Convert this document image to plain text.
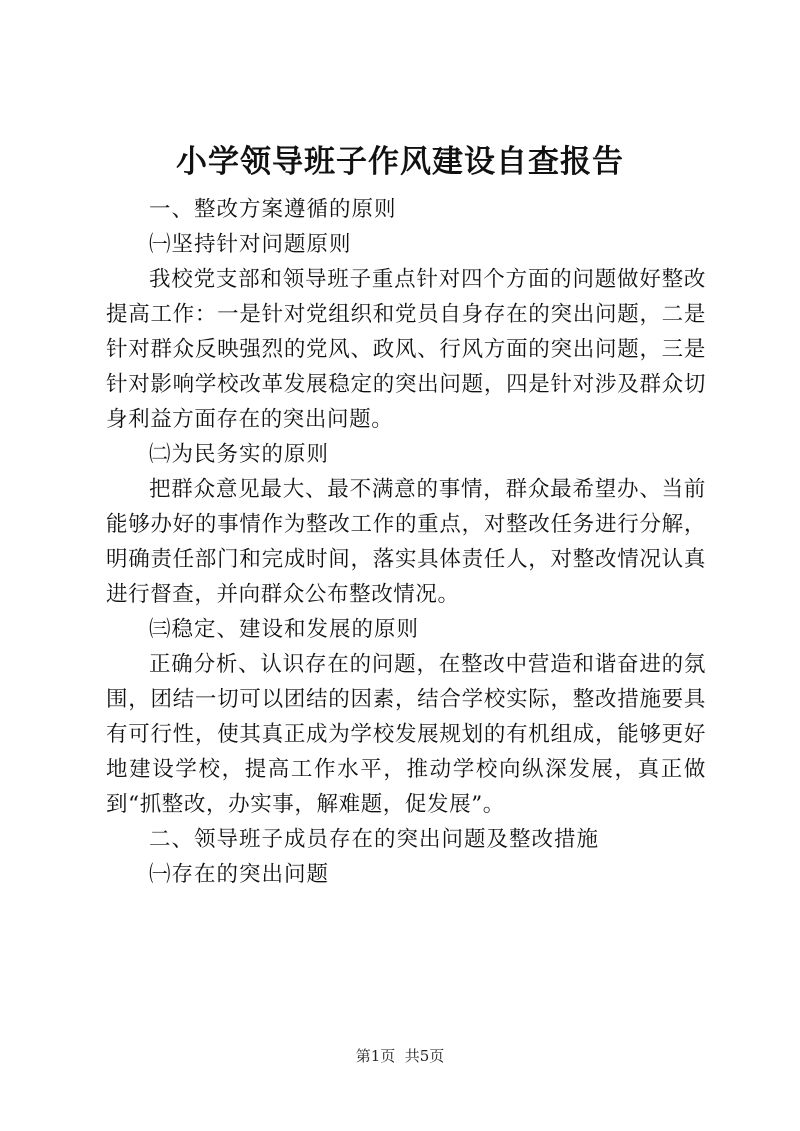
小学领导班子作风建设自查报告

一、整改方案遵循的原则

㈠坚持针对问题原则

我校党支部和领导班子重点针对四个方面的问题做好整改提高工作：一是针对党组织和党员自身存在的突出问题，二是针对群众反映强烈的党风、政风、行风方面的突出问题，三是针对影响学校改革发展稳定的突出问题，四是针对涉及群众切身利益方面存在的突出问题。

㈡为民务实的原则

把群众意见最大、最不满意的事情，群众最希望办、当前能够办好的事情作为整改工作的重点，对整改任务进行分解，明确责任部门和完成时间，落实具体责任人，对整改情况认真进行督查，并向群众公布整改情况。

㈢稳定、建设和发展的原则

正确分析、认识存在的问题，在整改中营造和谐奋进的氛围，团结一切可以团结的因素，结合学校实际，整改措施要具有可行性，使其真正成为学校发展规划的有机组成，能够更好地建设学校，提高工作水平，推动学校向纵深发展，真正做到“抓整改，办实事，解难题，促发展”。

二、领导班子成员存在的突出问题及整改措施

㈠存在的突出问题

第1页  共5页
